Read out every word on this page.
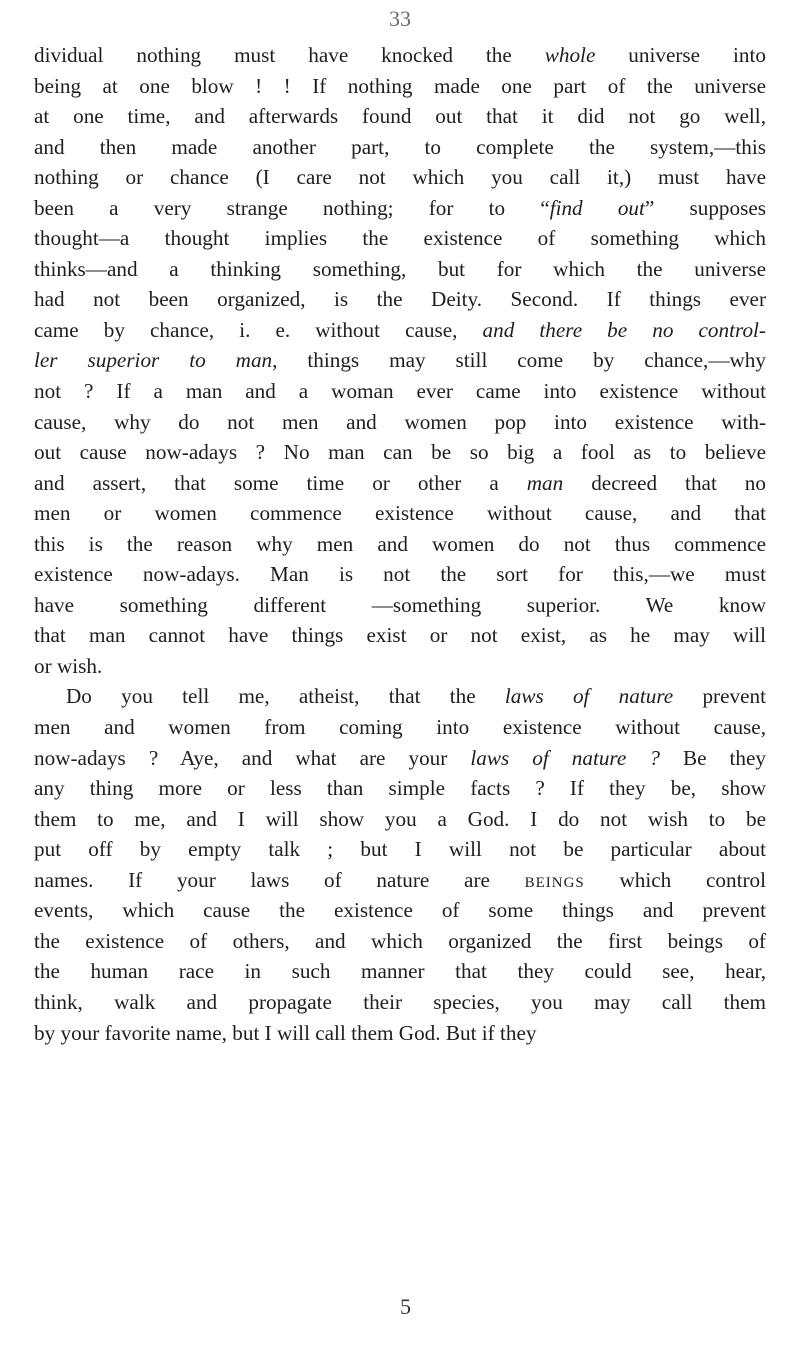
33
dividual nothing must have knocked the whole universe into
being at one blow ! ! If nothing made one part of the universe
at one time, and afterwards found out that it did not go well,
and then made another part, to complete the system,—this
nothing or chance (I care not which you call it,) must have
been a very strange nothing; for to “find out” supposes
thought—a thought implies the existence of something which
thinks—and a thinking something, but for which the universe
had not been organized, is the Deity. Second. If things ever
came by chance, i. e. without cause, and there be no control-
ler superior to man, things may still come by chance,—why
not ? If a man and a woman ever came into existence without
cause, why do not men and women pop into existence with-
out cause now-adays ? No man can be so big a fool as to believe
and assert, that some time or other a man decreed that no
men or women commence existence without cause, and that
this is the reason why men and women do not thus commence
existence now-adays. Man is not the sort for this,—we must
have something different —something superior. We know
that man cannot have things exist or not exist, as he may will
or wish.
Do you tell me, atheist, that the laws of nature prevent
men and women from coming into existence without cause,
now-adays ? Aye, and what are your laws of nature ? Be they
any thing more or less than simple facts ? If they be, show
them to me, and I will show you a God. I do not wish to be
put off by empty talk ; but I will not be particular about
names. If your laws of nature are BEINGS which control
events, which cause the existence of some things and prevent
the existence of others, and which organized the first beings of
the human race in such manner that they could see, hear,
think, walk and propagate their species, you may call them
by your favorite name, but I will call them God. But if they
5
